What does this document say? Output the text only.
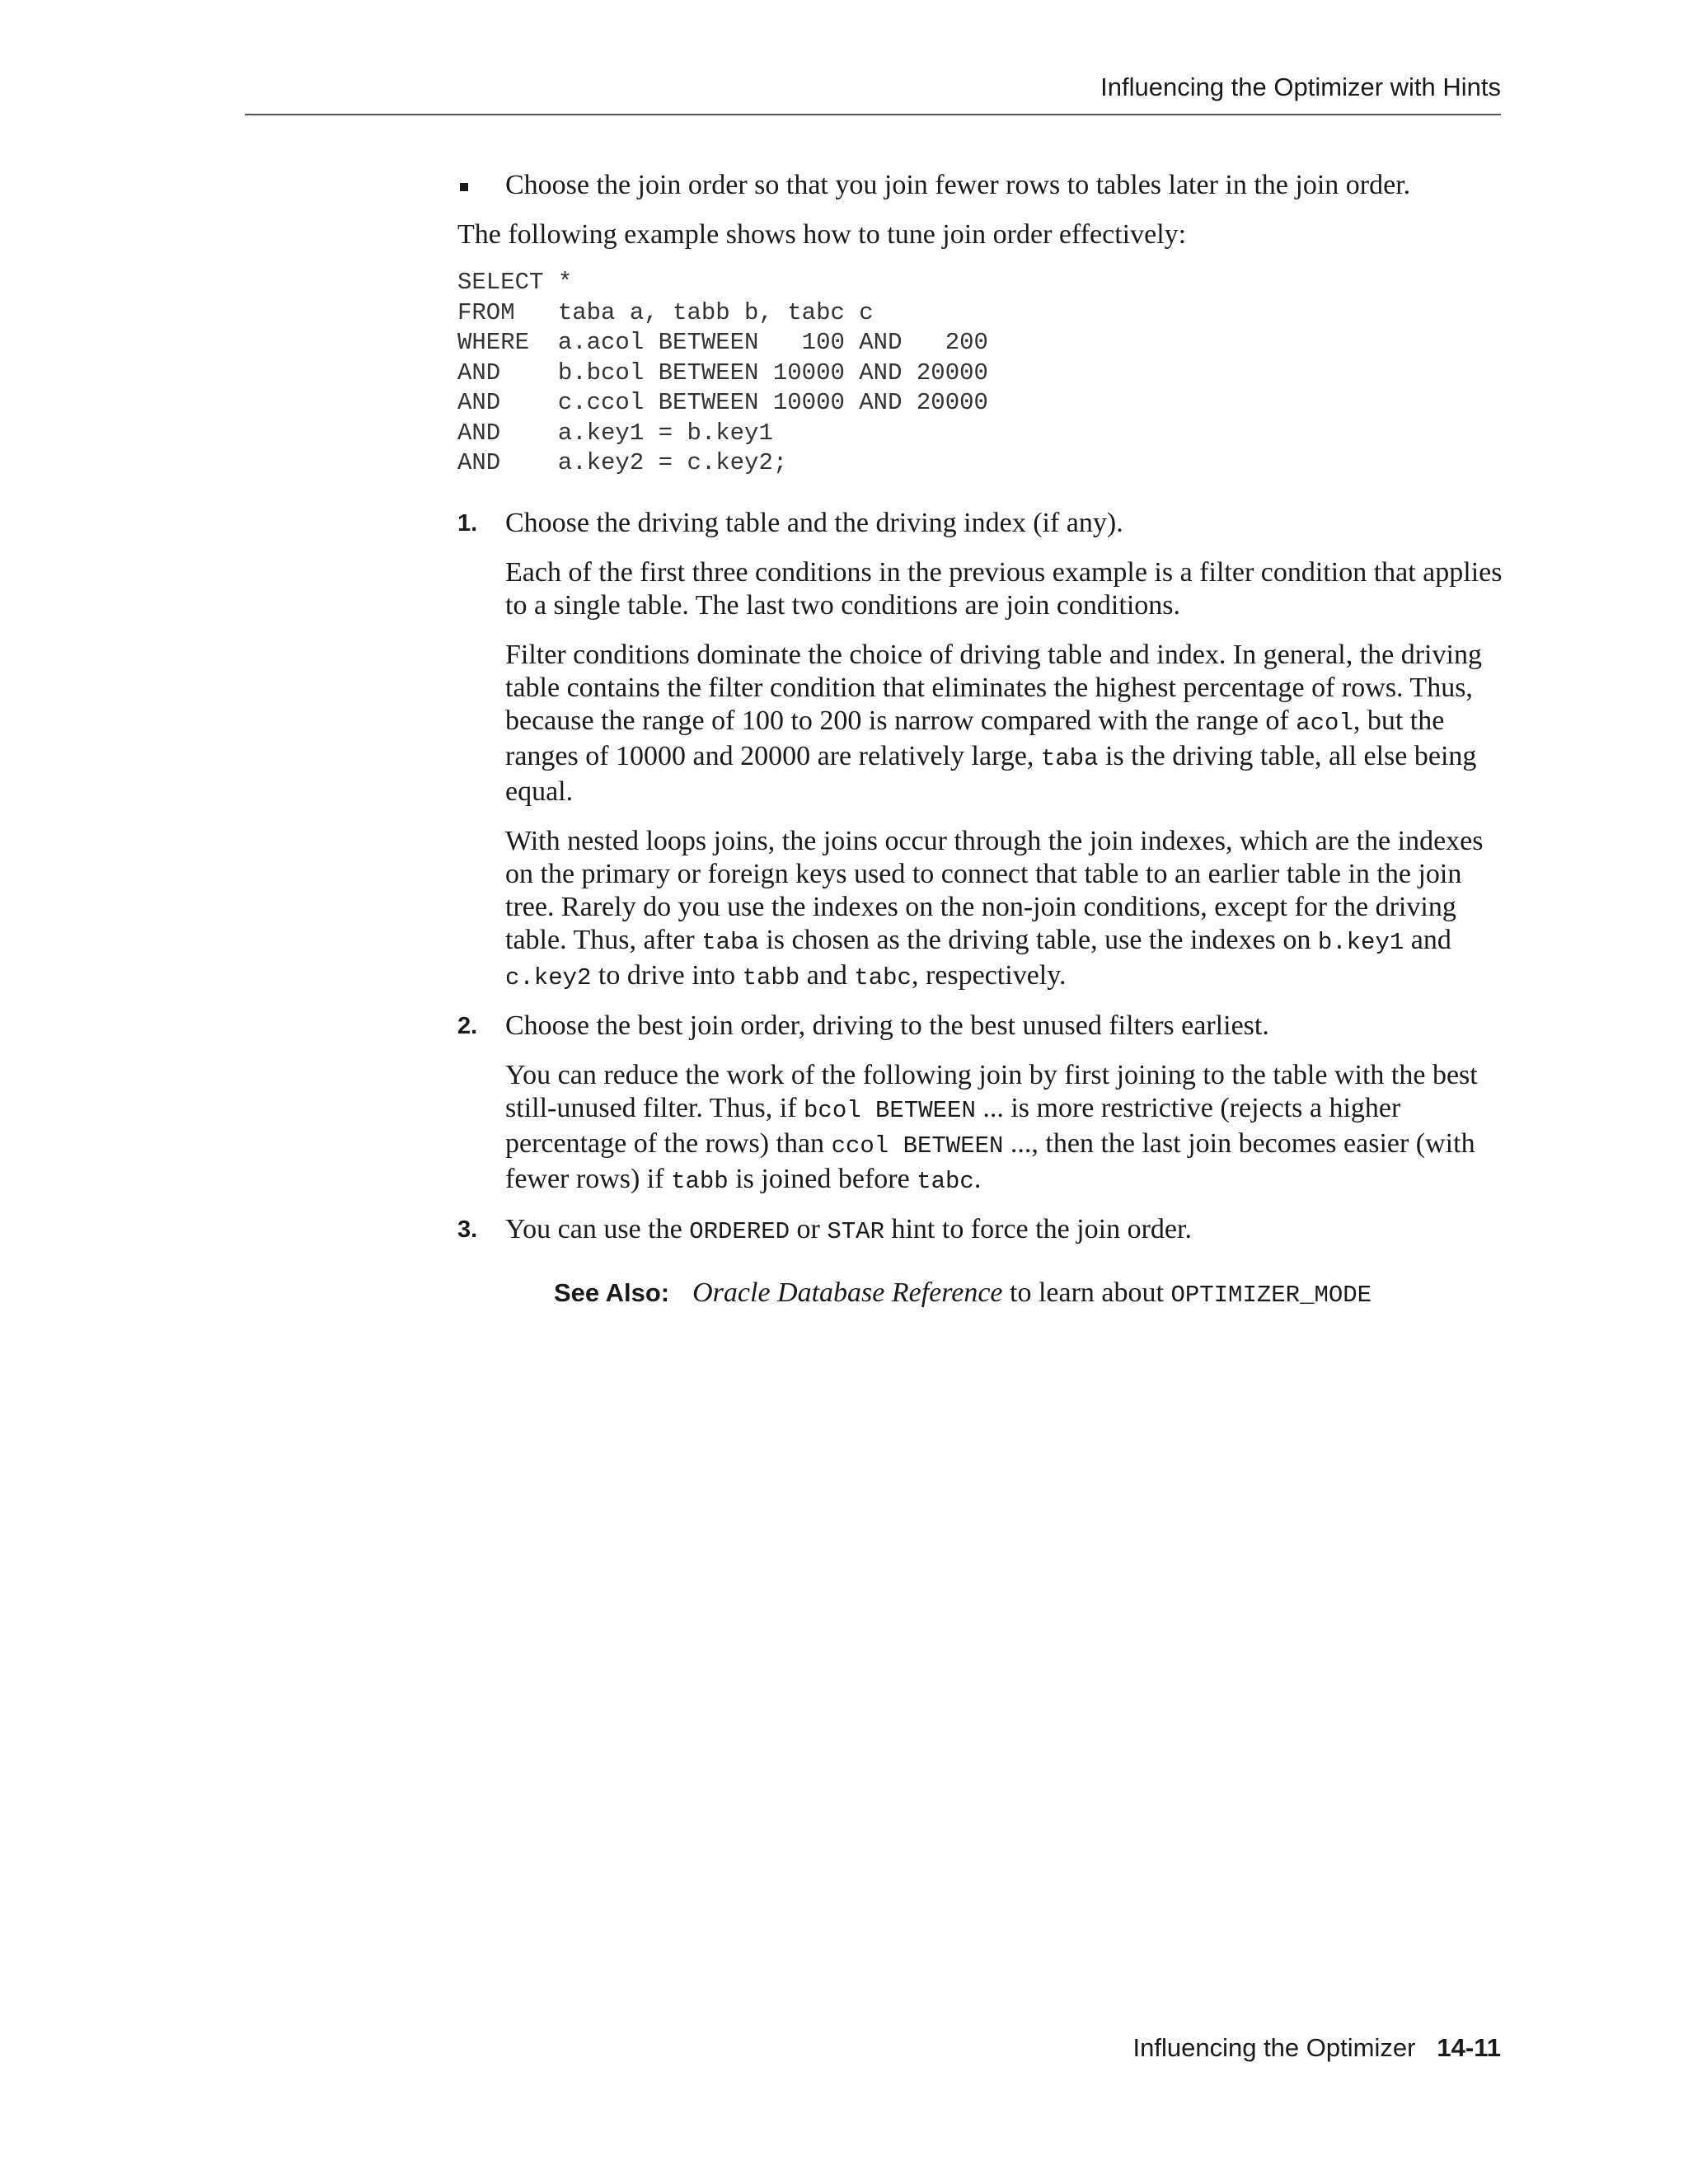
Influencing the Optimizer with Hints
Choose the join order so that you join fewer rows to tables later in the join order.

The following example shows how to tune join order effectively:

SELECT *
FROM   taba a, tabb b, tabc c
WHERE  a.acol BETWEEN   100 AND   200
AND    b.bcol BETWEEN 10000 AND 20000
AND    c.ccol BETWEEN 10000 AND 20000
AND    a.key1 = b.key1
AND    a.key2 = c.key2;
1. Choose the driving table and the driving index (if any).

Each of the first three conditions in the previous example is a filter condition that applies to a single table. The last two conditions are join conditions.

Filter conditions dominate the choice of driving table and index. In general, the driving table contains the filter condition that eliminates the highest percentage of rows. Thus, because the range of 100 to 200 is narrow compared with the range of acol, but the ranges of 10000 and 20000 are relatively large, taba is the driving table, all else being equal.

With nested loops joins, the joins occur through the join indexes, which are the indexes on the primary or foreign keys used to connect that table to an earlier table in the join tree. Rarely do you use the indexes on the non-join conditions, except for the driving table. Thus, after taba is chosen as the driving table, use the indexes on b.key1 and c.key2 to drive into tabb and tabc, respectively.

2. Choose the best join order, driving to the best unused filters earliest.

You can reduce the work of the following join by first joining to the table with the best still-unused filter. Thus, if bcol BETWEEN ... is more restrictive (rejects a higher percentage of the rows) than ccol BETWEEN ..., then the last join becomes easier (with fewer rows) if tabb is joined before tabc.

3. You can use the ORDERED or STAR hint to force the join order.

See Also: Oracle Database Reference to learn about OPTIMIZER_MODE
Influencing the Optimizer 14-11
